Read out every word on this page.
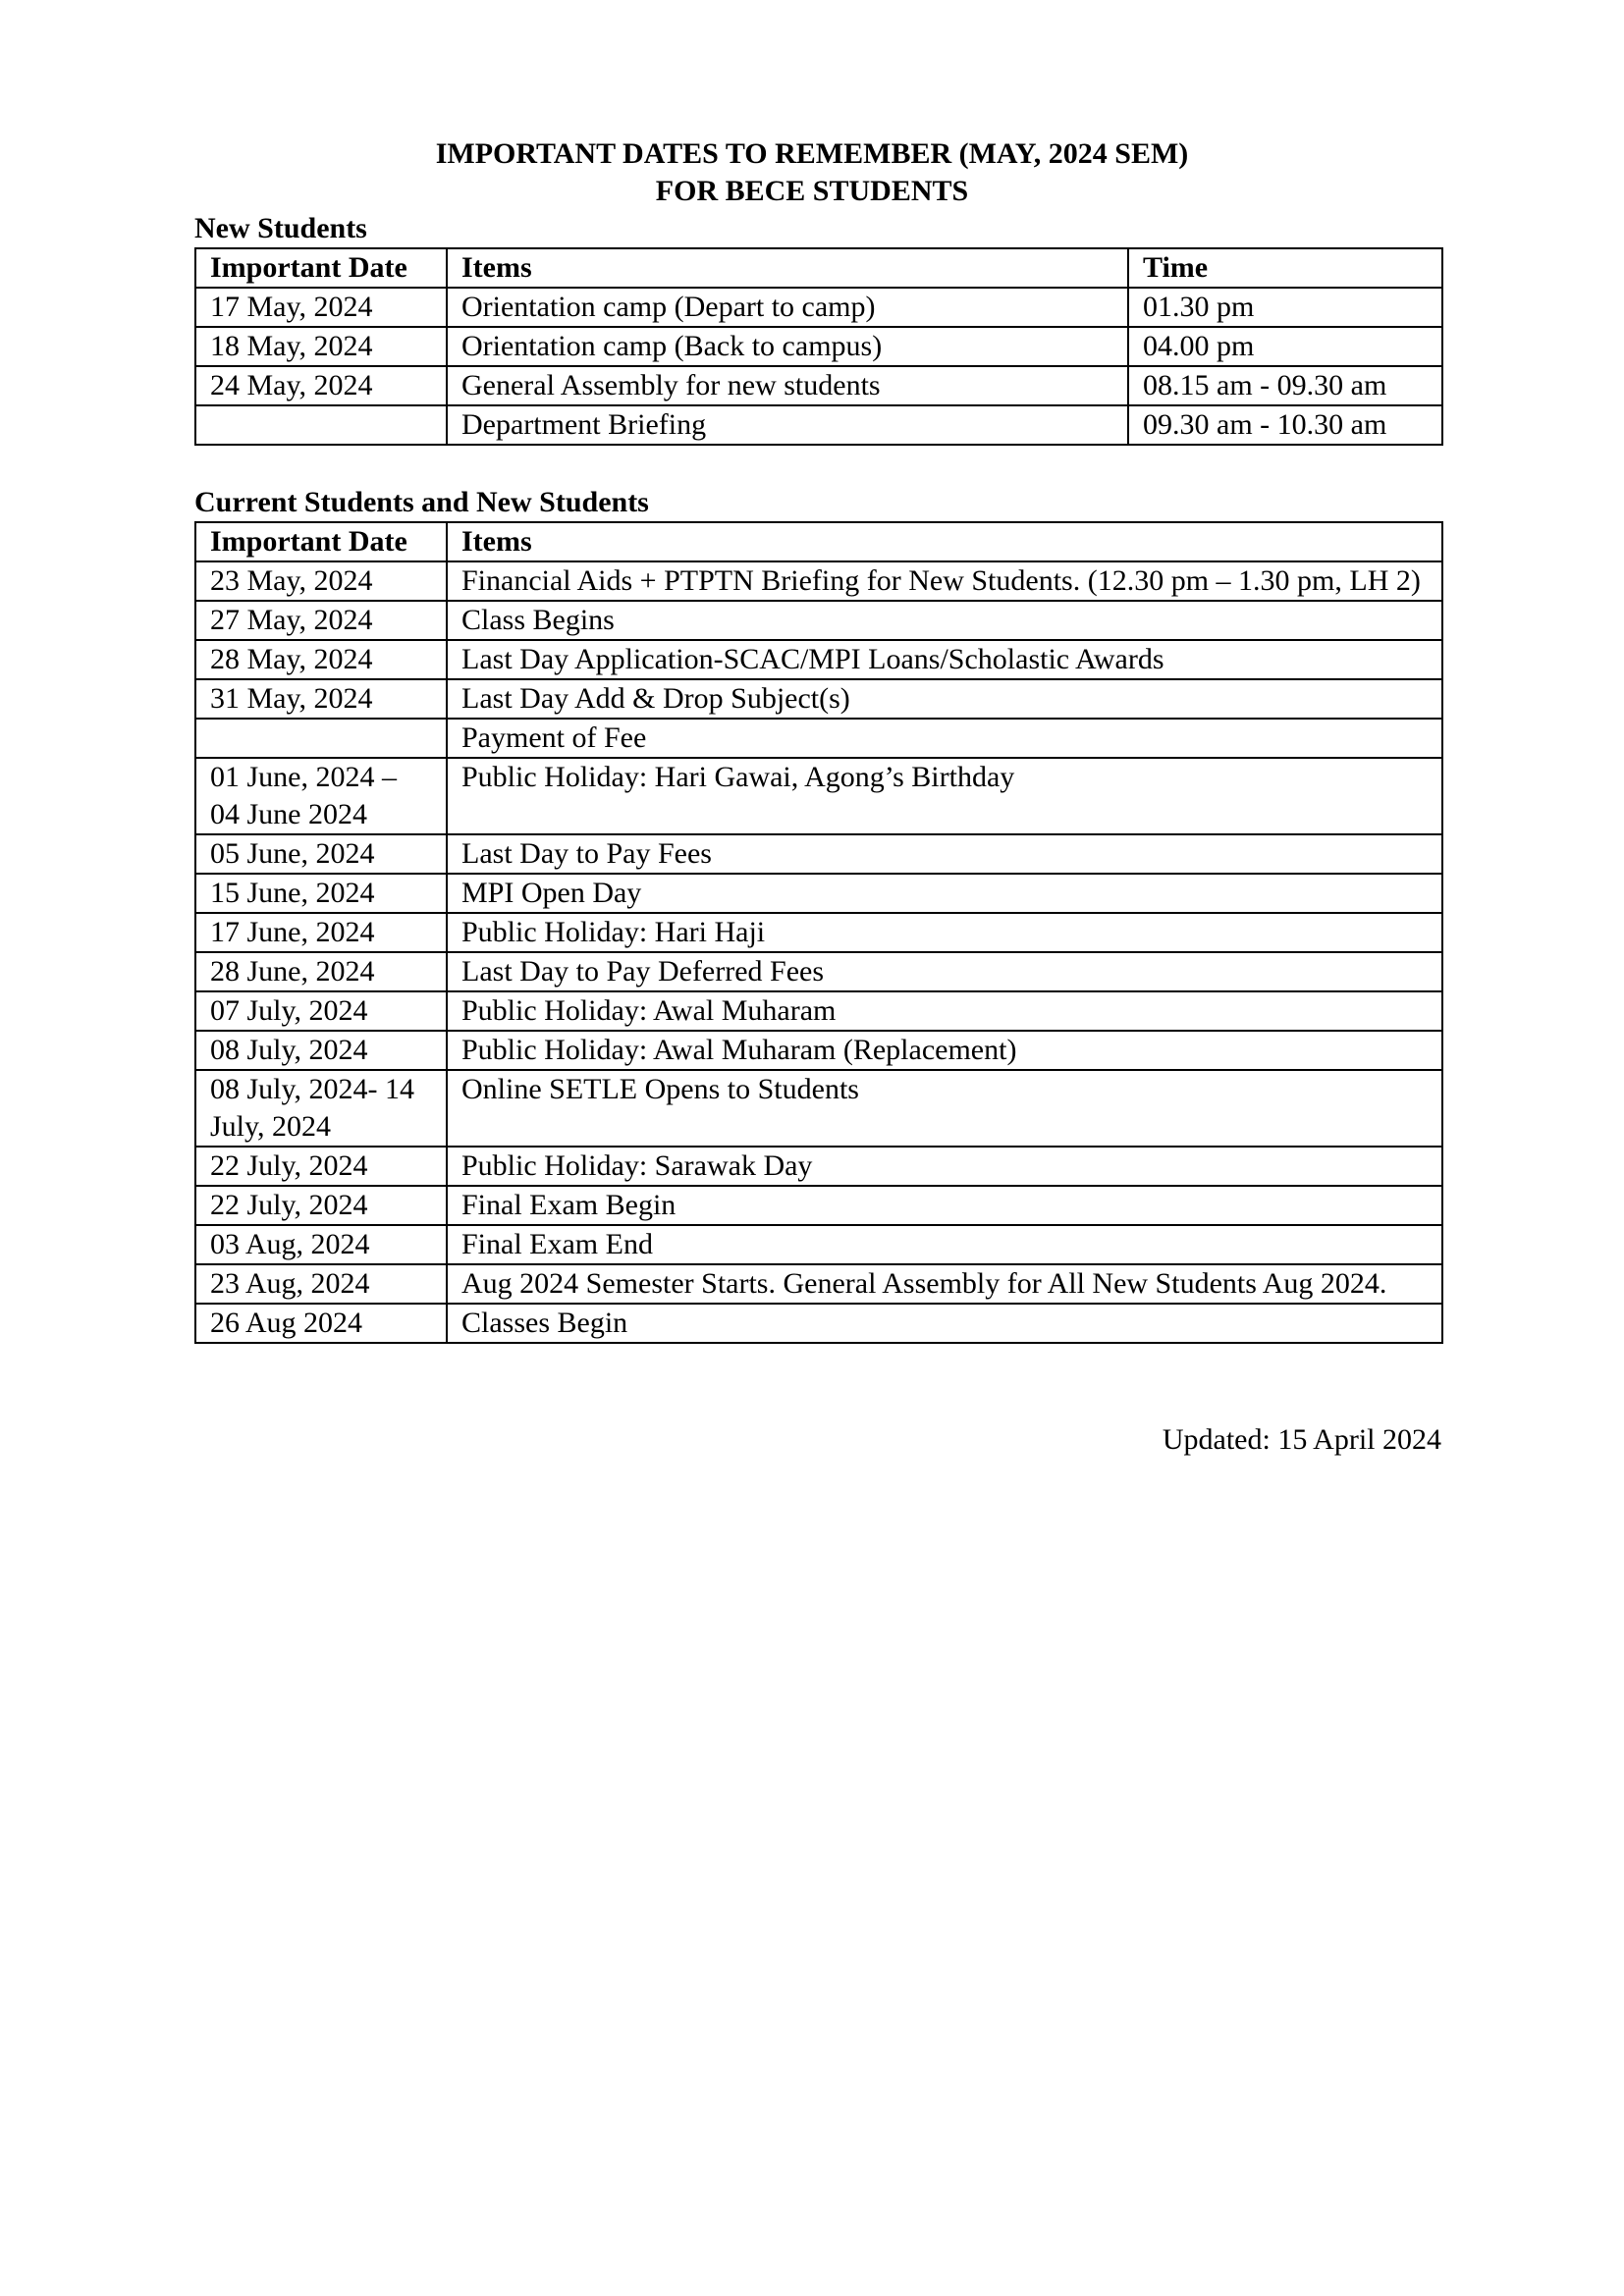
IMPORTANT DATES TO REMEMBER (MAY, 2024 SEM)
FOR BECE STUDENTS
New Students
Important Date	Items	Time
17 May, 2024	Orientation camp (Depart to camp)	01.30 pm
18 May, 2024	Orientation camp (Back to campus)	04.00 pm
24 May, 2024	General Assembly for new students	08.15 am - 09.30 am
	Department Briefing	09.30 am - 10.30 am
Current Students and New Students
Important Date	Items
23 May, 2024	Financial Aids + PTPTN Briefing for New Students. (12.30 pm – 1.30 pm, LH 2)
27 May, 2024	Class Begins
28 May, 2024	Last Day Application-SCAC/MPI Loans/Scholastic Awards
31 May, 2024	Last Day Add & Drop Subject(s)
	Payment of Fee
01 June, 2024 – 04 June 2024	Public Holiday: Hari Gawai, Agong’s Birthday
05 June, 2024	Last Day to Pay Fees
15 June, 2024	MPI Open Day
17 June, 2024	Public Holiday: Hari Haji
28 June, 2024	Last Day to Pay Deferred Fees
07 July, 2024	Public Holiday: Awal Muharam
08 July, 2024	Public Holiday: Awal Muharam (Replacement)
08 July, 2024- 14 July, 2024	Online SETLE Opens to Students
22 July, 2024	Public Holiday: Sarawak Day
22 July, 2024	Final Exam Begin
03 Aug, 2024	Final Exam End
23 Aug, 2024	Aug 2024 Semester Starts. General Assembly for All New Students Aug 2024.
26 Aug 2024	Classes Begin
Updated: 15 April 2024
